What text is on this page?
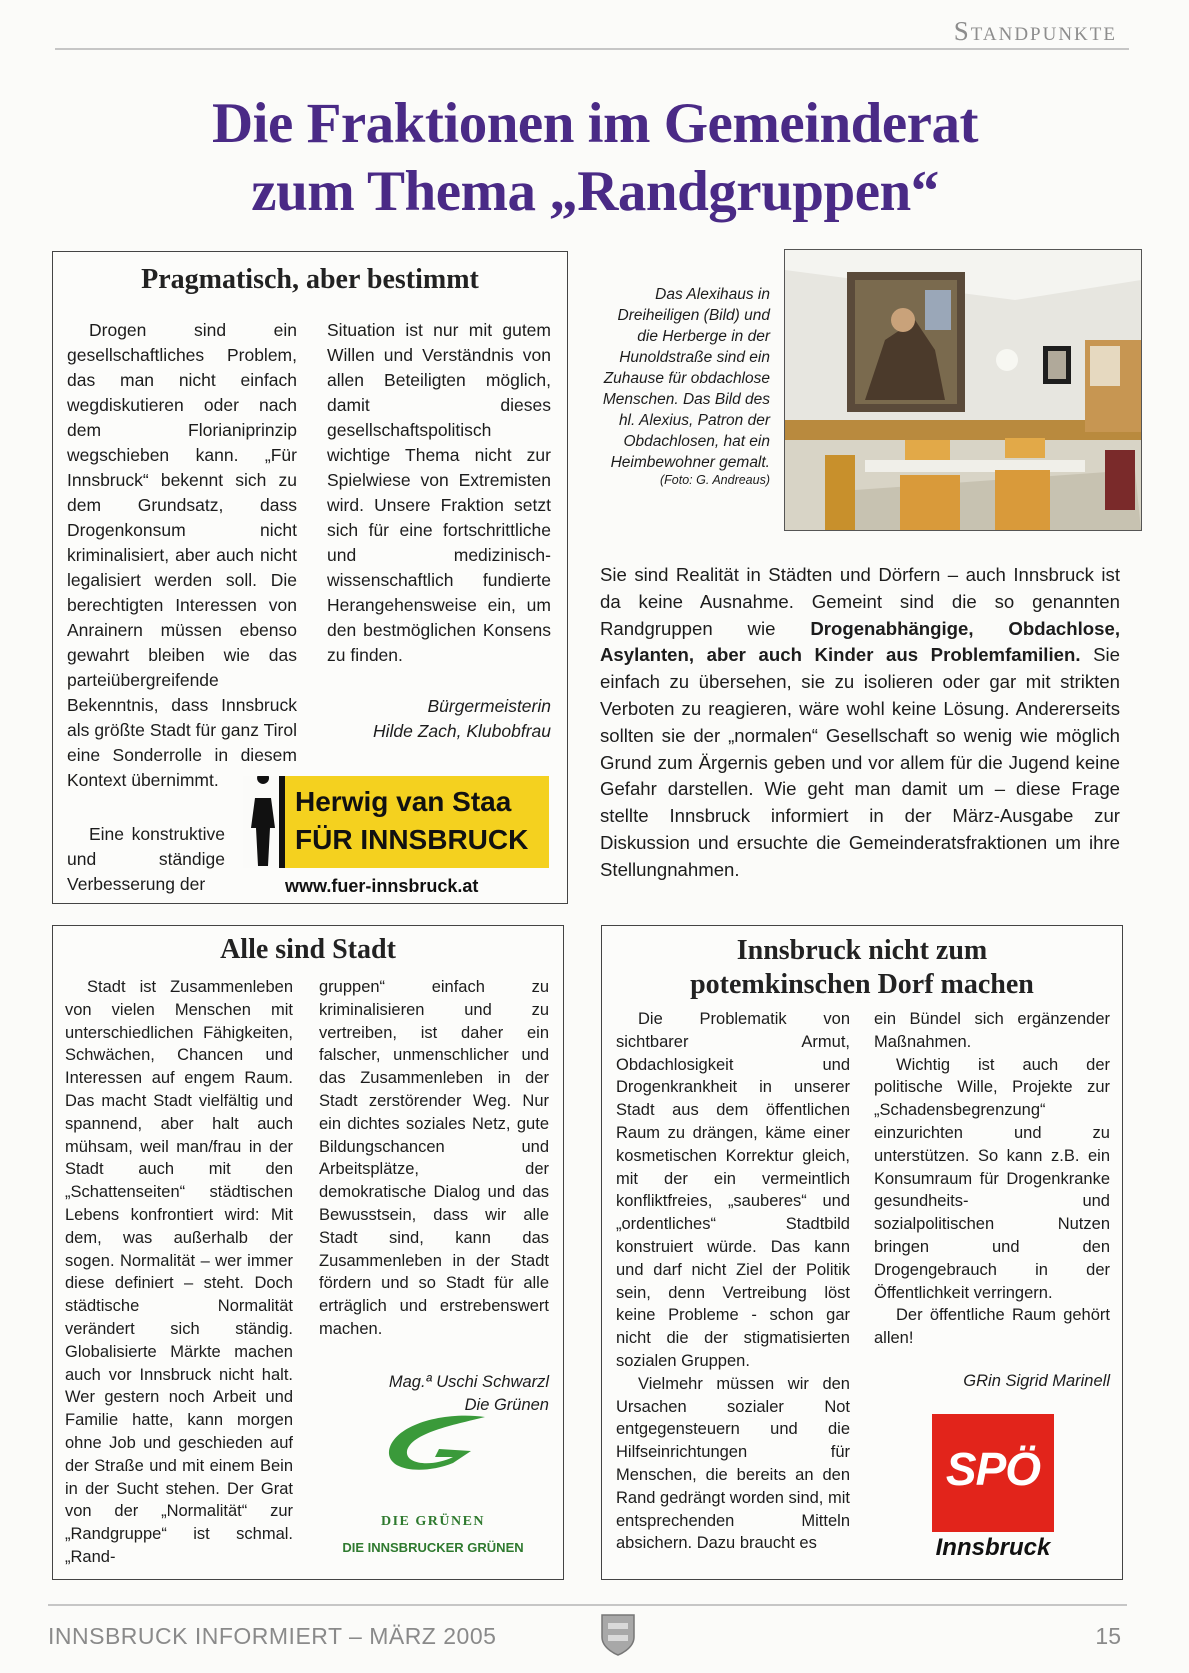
Standpunkte
Die Fraktionen im Gemeinderat
zum Thema „Randgruppen“
Pragmatisch, aber bestimmt

Drogen sind ein gesellschaftliches Problem, das man nicht einfach wegdiskutieren oder nach dem Florianiprinzip wegschieben kann. „Für Innsbruck“ bekennt sich zu dem Grundsatz, dass Drogenkonsum nicht kriminalisiert, aber auch nicht legalisiert werden soll. Die berechtigten Interessen von Anrainern müssen ebenso gewahrt bleiben wie das parteiübergreifende Bekenntnis, dass Innsbruck als größte Stadt für ganz Tirol eine Sonderrolle in diesem Kontext übernimmt.

Eine konstruktive und ständige Verbesserung der

Situation ist nur mit gutem Willen und Verständnis von allen Beteiligten möglich, damit dieses gesellschaftspolitisch wichtige Thema nicht zur Spielwiese von Extremisten wird. Unsere Fraktion setzt sich für eine fortschrittliche und medizinisch-wissenschaftlich fundierte Herangehensweise ein, um den bestmöglichen Konsens zu finden.

Bürgermeisterin
Hilde Zach, Klubobfrau
Herwig van Staa
FÜR INNSBRUCK
www.fuer-innsbruck.at
Das Alexihaus in Dreiheiligen (Bild) und die Herberge in der Hunoldstraße sind ein Zuhause für obdachlose Menschen. Das Bild des hl. Alexius, Patron der Obdachlosen, hat ein Heimbewohner gemalt.
(Foto: G. Andreaus)
Sie sind Realität in Städten und Dörfern – auch Innsbruck ist da keine Ausnahme. Gemeint sind die so genannten Randgruppen wie Drogenabhängige, Obdachlose, Asylanten, aber auch Kinder aus Problemfamilien. Sie einfach zu übersehen, sie zu isolieren oder gar mit strikten Verboten zu reagieren, wäre wohl keine Lösung. Andererseits sollten sie der „normalen“ Gesellschaft so wenig wie möglich Grund zum Ärgernis geben und vor allem für die Jugend keine Gefahr darstellen. Wie geht man damit um – diese Frage stellte Innsbruck informiert in der März-Ausgabe zur Diskussion und ersuchte die Gemeinderatsfraktionen um ihre Stellungnahmen.
Alle sind Stadt

Stadt ist Zusammenleben von vielen Menschen mit unterschiedlichen Fähigkeiten, Schwächen, Chancen und Interessen auf engem Raum. Das macht Stadt vielfältig und spannend, aber halt auch mühsam, weil man/frau in der Stadt auch mit den „Schattenseiten“ städtischen Lebens konfrontiert wird: Mit dem, was außerhalb der sogen. Normalität – wer immer diese definiert – steht. Doch städtische Normalität verändert sich ständig. Globalisierte Märkte machen auch vor Innsbruck nicht halt. Wer gestern noch Arbeit und Familie hatte, kann morgen ohne Job und geschieden auf der Straße und mit einem Bein in der Sucht stehen. Der Grat von der „Normalität“ zur „Randgruppe“ ist schmal. „Rand-

gruppen“ einfach zu kriminalisieren und zu vertreiben, ist daher ein falscher, unmenschlicher und das Zusammenleben in der Stadt zerstörender Weg. Nur ein dichtes soziales Netz, gute Bildungschancen und Arbeitsplätze, der demokratische Dialog und das Bewusstsein, dass wir alle Stadt sind, kann das Zusammenleben in der Stadt fördern und so Stadt für alle erträglich und erstrebenswert machen.

Mag.ª Uschi Schwarzl
Die Grünen
DIE GRÜNEN
DIE INNSBRUCKER GRÜNEN
Innsbruck nicht zum
potemkinschen Dorf machen

Die Problematik von sichtbarer Armut, Obdachlosigkeit und Drogenkrankheit in unserer Stadt aus dem öffentlichen Raum zu drängen, käme einer kosmetischen Korrektur gleich, mit der ein vermeintlich konfliktfreies, „sauberes“ und „ordentliches“ Stadtbild konstruiert würde. Das kann und darf nicht Ziel der Politik sein, denn Vertreibung löst keine Probleme - schon gar nicht die der stigmatisierten sozialen Gruppen.

Vielmehr müssen wir den Ursachen sozialer Not entgegensteuern und die Hilfseinrichtungen für Menschen, die bereits an den Rand gedrängt worden sind, mit entsprechenden Mitteln absichern. Dazu braucht es

ein Bündel sich ergänzender Maßnahmen.

Wichtig ist auch der politische Wille, Projekte zur „Schadensbegrenzung“ einzurichten und zu unterstützen. So kann z.B. ein Konsumraum für Drogenkranke gesundheits- und sozialpolitischen Nutzen bringen und den Drogengebrauch in der Öffentlichkeit verringern.

Der öffentliche Raum gehört allen!

GRin Sigrid Marinell
SPÖ
Innsbruck
INNSBRUCK INFORMIERT – MÄRZ 2005	15
